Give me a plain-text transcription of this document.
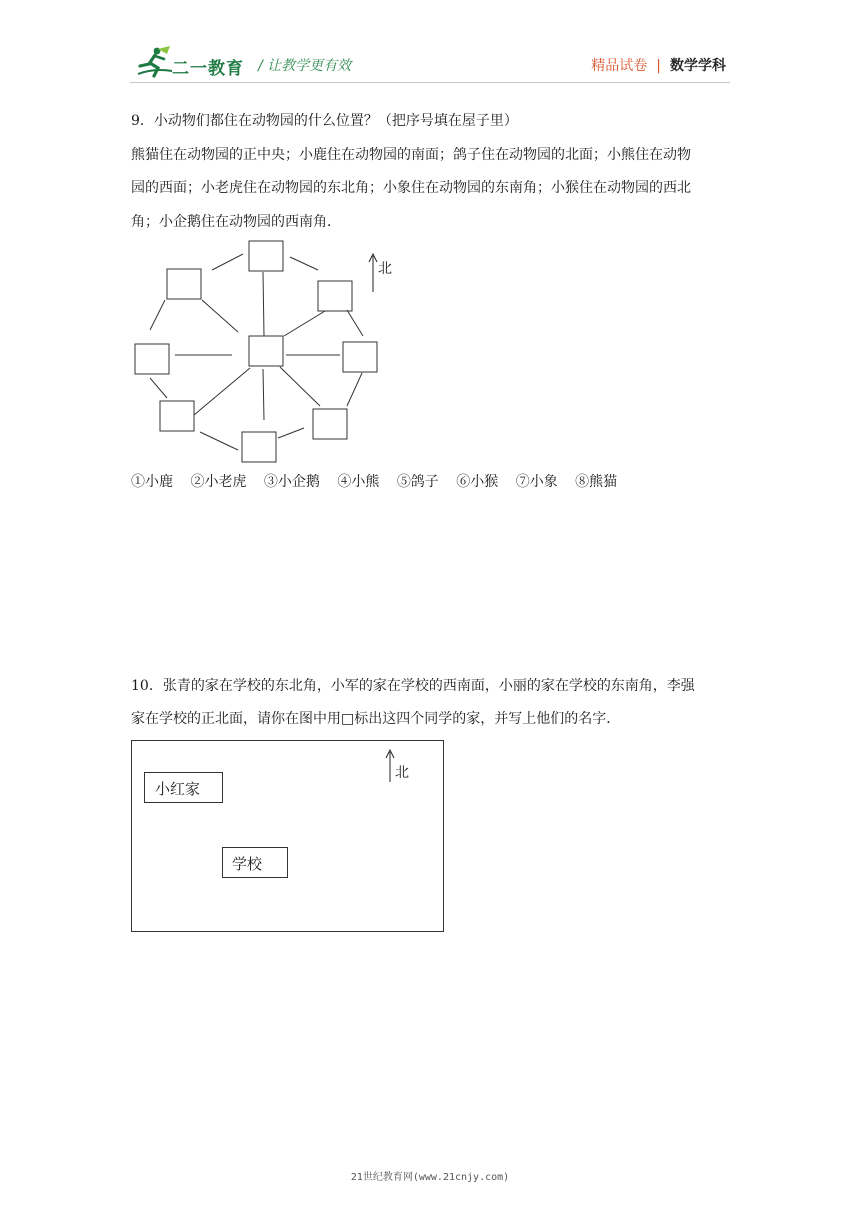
二一教育 / 让教学更有效	精品试卷 | 数学学科
9．小动物们都住在动物园的什么位置？（把序号填在屋子里）
熊猫住在动物园的正中央；小鹿住在动物园的南面；鸽子住在动物园的北面；小熊住在动物
园的西面；小老虎住在动物园的东北角；小象住在动物园的东南角；小猴住在动物园的西北
角；小企鹅住在动物园的西南角．
北
①小鹿 ②小老虎 ③小企鹅 ④小熊 ⑤鸽子 ⑥小猴 ⑦小象 ⑧熊猫
10．张青的家在学校的东北角，小军的家在学校的西南面，小丽的家在学校的东南角，李强
家在学校的正北面，请你在图中用□标出这四个同学的家，并写上他们的名字．
小红家
学校
北
21世纪教育网(www.21cnjy.com)
